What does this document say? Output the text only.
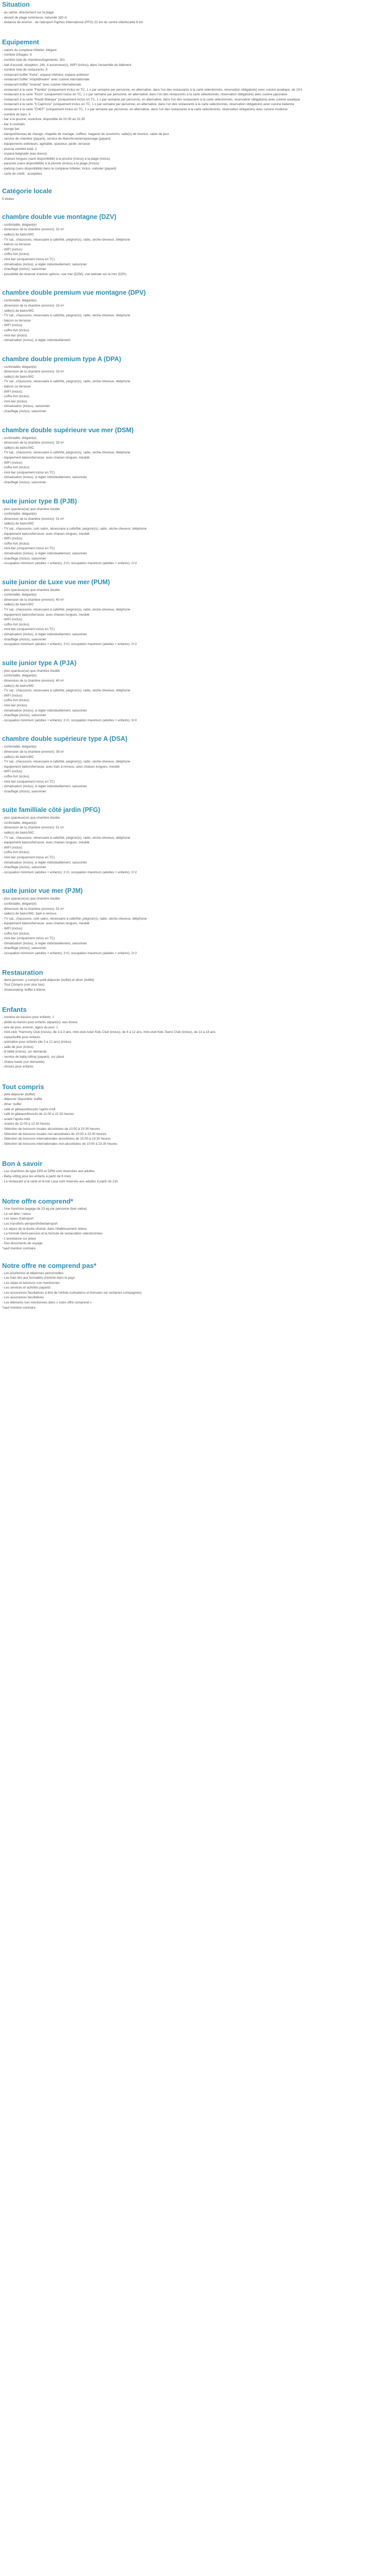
Situation
- au calme, directement sur la plage
- devant de plage lumineuse, naturelle 180 m
- distance de environ : de l'aéroport Paphos International (PFO) 22 km du centre-ville/localité 6 km
Equipement
- nature du complexe hôtelier: élégant
- nombre d'étages: 6
- nombre total de chambres/logements: 301
- hall d'accueil, réception, 24h, 4 ascenseur(s), WIFI (inclus), dans l'ensemble du bâtiment
- nombre total de restaurants: 8
- restaurant buffet "Koha", espace intérieur, espace extérieur
- restaurant buffet "Amphitheatre" avec cuisine internationale
- restaurant buffet "Arsenal" avec cuisine internationale
- restaurant à la carte "Fiamba" (uniquement inclus en TC, 1 x par semaine par personne, en alternative, dans l'un des restaurants à la carte sélectionnés, réservation obligatoire) avec cuisine asiatique, de 19 h
- restaurant à la carte "Kozo" (uniquement inclus en TC, 1 x par semaine par personne, en alternative, dans l'un des restaurants à la carte sélectionnés, réservation obligatoire) avec cuisine japonaise
- restaurant à la carte "Roubi Wakaya" (uniquement inclus en TC, 1 x par semaine par personne, en alternative, dans l'un des restaurants à la carte sélectionnés, réservation obligatoire) avec cuisine asiatique
- restaurant à la carte "Il Capriccio" (uniquement inclus en TC, 1 x par semaine par personne, en alternative, dans l'un des restaurants à la carte sélectionnés, réservation obligatoire) avec cuisine italienne
- restaurant à la carte "CHEF" (uniquement inclus en TC, 1 x par semaine par personne, en alternative, dans l'un des restaurants à la carte sélectionnés, réservation obligatoire) avec cuisine moderne
- nombre de bars: 6
- bar à la piscine, ouverture, disponible de 01:00 au 31:30
- bar à cocktails
- lounge bar
- banquet/bureau de change, chapelle de mariage, coiffeur, magasin de souvenirs, salle(s) de réunion, salon de jeux
- service de chambre (payant), service de blanchisserie/repassage (payant)
- équipements extérieurs: agréable, spacieux, jardin, terrasse
- piscine nombre total: 2
- espace baignade (eau douce)
- chaises longues (sans disponibilité) à la piscine (inclus) à la plage (inclus)
- parasols (sans disponibilité) à la piscine (inclus) à la plage (inclus)
- parking (sans disponibilité) dans le complexe hôtelier, inclus, voiturier (payant)
- carte de crédit : acceptées
Catégorie locale
5 étoiles
chambre double vue montagne (DZV)
- confortable, élégant(e)
- dimension de la chambre (environ): 32 m²
- salle(s) de bains/WC
- TV sat., chaussons, nécessaire à café/thé, peignoir(s), radio, sèche-cheveux, téléphone
- balcon ou terrasse
- WIFI (inclus)
- coffre-fort (inclus)
- mini-bar (uniquement inclus en TC)
- climatisation (inclus), à régler individuellement, saisonnier
- chauffage (inclus), saisonnier
- possibilité de réserver d'autres options: vue mer (DZM), vue latérale sur la mer (DZK)
chambre double premium vue montagne (DPV)
- confortable, élégant(e)
- dimension de la chambre (environ): 33 m²
- salle(s) de bains/WC
- TV sat., chaussons, nécessaire à café/thé, peignoir(s), radio, sèche-cheveux, téléphone
- balcon ou terrasse
- WIFI (inclus)
- coffre-fort (inclus)
- mini-bar (inclus)
- climatisation (inclus), à régler individuellement
chambre double premium type A (DPA)
- confortable, élégant(e)
- dimension de la chambre (environ): 33 m²
- salle(s) de bains/WC
- TV sat., chaussons, nécessaire à café/thé, peignoir(s), radio, sèche-cheveux, téléphone
- balcon ou terrasse
- WIFI (inclus)
- coffre-fort (inclus)
- mini-bar (inclus)
- climatisation (inclus), saisonnier
- chauffage (inclus), saisonnier
chambre double supérieure vue mer (DSM)
- confortable, élégant(e)
- dimension de la chambre (environ): 33 m²
- salle(s) de bains/WC
- TV sat., chaussons, nécessaire à café/thé, peignoir(s), radio, sèche-cheveux, téléphone
- équipement balcon/terrasse: avec chaises longues, meublé
- WIFI (inclus)
- coffre-fort (inclus)
- mini-bar (uniquement inclus en TC)
- climatisation (inclus), à régler individuellement, saisonnier
- chauffage (inclus), saisonnier
suite junior type B (PJB)
- plus spacieux(se) que chambre double
- confortable, élégant(e)
- dimension de la chambre (environ): 51 m²
- salle(s) de bains/WC
- TV sat., chaussons, coin salon, nécessaire à café/thé, peignoir(s), radio, sèche-cheveux, téléphone
- équipement balcon/terrasse: avec chaises longues, meublé
- WIFI (inclus)
- coffre-fort (inclus)
- mini-bar (uniquement inclus en TC)
- climatisation (inclus), à régler individuellement, saisonnier
- chauffage (inclus), saisonnier
- occupation minimum (adultes + enfants): 2+0, occupation maximum (adultes + enfants): 2+2
suite junior de Luxe vue mer (PUM)
- plus spacieux(se) que chambre double
- confortable, élégant(e)
- dimension de la chambre (environ): 40 m²
- salle(s) de bains/WC
- TV sat., chaussons, nécessaire à café/thé, peignoir(s), radio, sèche-cheveux, téléphone
- équipement balcon/terrasse: avec chaises longues, meublé
- WIFI (inclus)
- coffre-fort (inclus)
- mini-bar (uniquement inclus en TC)
- climatisation (inclus), à régler individuellement, saisonnier
- chauffage (inclus), saisonnier
- occupation minimum (adultes + enfants): 2+0, occupation maximum (adultes + enfants): 2+2
suite junior type A (PJA)
- plus spacieux(se) que chambre double
- confortable, élégant(e)
- dimension de la chambre (environ): 40 m²
- salle(s) de bains/WC
- TV sat., chaussons, nécessaire à café/thé, peignoir(s), radio, sèche-cheveux, téléphone
- WIFI (inclus)
- coffre-fort (inclus)
- mini-bar (inclus)
- climatisation (inclus), à régler individuellement, saisonnier
- chauffage (inclus), saisonnier
- occupation minimum (adultes + enfants): 2+0, occupation maximum (adultes + enfants): 3+0
chambre double supérieure type A (DSA)
- confortable, élégant(e)
- dimension de la chambre (environ): 39 m²
- salle(s) de bains/WC
- TV sat., chaussons, nécessaire à café/thé, peignoir(s), radio, sèche-cheveux, téléphone
- équipement balcon/terrasse: avec bain à remous, avec chaises longues, meublé
- WIFI (inclus)
- coffre-fort (inclus)
- mini-bar (uniquement inclus en TC)
- climatisation (inclus), à régler individuellement, saisonnier
- chauffage (inclus), saisonnier
suite familliale côté jardin (PFG)
- plus spacieux(se) que chambre double
- confortable, élégant(e)
- dimension de la chambre (environ): 51 m²
- salle(s) de bains/WC
- TV sat., chaussons, nécessaire à café/thé, peignoir(s), radio, sèche-cheveux, téléphone
- équipement balcon/terrasse: avec chaises longues, meublé
- WIFI (inclus)
- coffre-fort (inclus)
- mini-bar (uniquement inclus en TC)
- climatisation (inclus), à régler individuellement, saisonnier
- chauffage (inclus), saisonnier
- occupation minimum (adultes + enfants): 2+0, occupation maximum (adultes + enfants): 2+2
suite junior vue mer (PJM)
- plus spacieux(se) que chambre double
- confortable, élégant(e)
- dimension de la chambre (environ): 52 m²
- salle(s) de bains/WC, bain à remous
- TV sat., chaussons, coin salon, nécessaire à café/thé, peignoir(s), radio, sèche-cheveux, téléphone
- équipement balcon/terrasse: avec chaises longues, meublé
- WIFI (inclus)
- coffre-fort (inclus)
- mini-bar (uniquement inclus en TC)
- climatisation (inclus), à régler individuellement, saisonnier
- chauffage (inclus), saisonnier
- occupation minimum (adultes + enfants): 2+0, occupation maximum (adultes + enfants): 2+2
Restauration
- demi-pension, y compris petit-déjeuner (buffet) et dîner (buffet)
- Tout Compris (voir plus bas)
- showcooking, buffet à thème
Enfants
- nombre de bassins pour enfants: 1
- dédié du bassin pour enfants séparé(s): eau douce
- aire de jeux, environ, âge/s du jeux: 1
- mini-club "Harmony Club (inclus), de 3 à 3 ans, mini-club Aster Kids Club (inclus), de 4 à 12 ans, mini-club Kids Teens Club (inclus), de 13 à 18 ans
- repas/buffet pour enfants
- animation pour enfants (de 3 à 12 ans) (inclus)
- salle de jeux (inclus)
- lit bébé (inclus), sur demande
- service de baby-sitting (payant), sur placé
- chaise haute (sur demande)
- choses pour enfants
Tout compris
- petit-déjeuner (buffet)
- déjeuner disponible: buffet
- dîner: buffet
- café et gâteaux/biscuits l'après-midi
- café et gâteaux/biscuits de 11:00 à 22:30 heures
- snack l'après-midi
- snacks de 11:00 à 12:30 heures
- Sélection de boissons locales alcoolisées de 10:00 à 23:30 heures
- Sélection de boissons locales non-alcoolisées de 10:00 à 23:30 heures
- Sélection de boissons internationales alcoolisées de 10:00 à 23:30 heures
- Sélection de boissons internationales non-alcoolisées de 10:00 à 23:30 heures
Bon à savoir
- Les chambres de type DPA et DPM sont réservées aux adultes
- Baby-sitting pour les enfants à partir de 6 mois
- Le restaurant à la carte et le bar Lasa sont réservés aux adultes à partir de 21h
Notre offre comprend*
- Une franchise bagage de 23 kg par personne (bon valise)
- Le vol aller / retour
- Les taxes d'aéroport
- Les transferts aéroport/hôtel/aéroport
- Le séjour de la durée choisie, dans l'établissement retenu
- La formule Demi-pension et la formule de restauration sélectionnées
- L'assistance sur place
- Des documents de voyage
*sauf mention contraire
Notre offre ne comprend pas*
- Les pourboires et dépenses personnelles
- Les frais liés aux formalités d'entrée dans le pays
- Les repas et boissons non mentionnés
- Les services et activités payants
- Les assurances facultatives à titre de l'article (cotisations et bonuses sur certaines compagnies)
- Les assurances facultatives
- Les éléments non mentionnés dans « notre offre comprend »
*sauf mention contraire
